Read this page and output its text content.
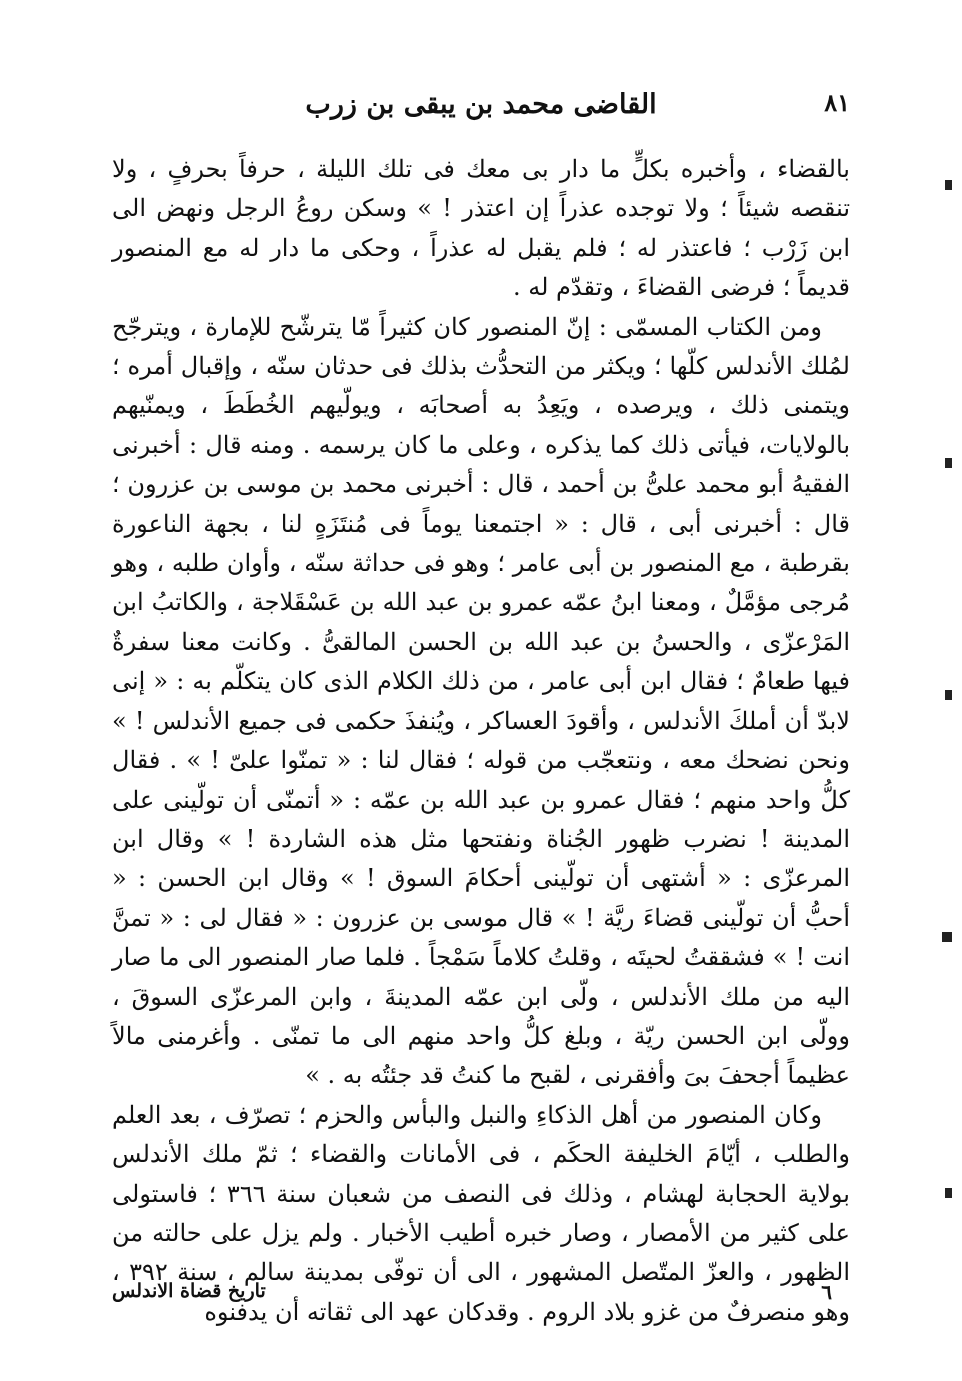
القاضى محمد بن يبقى بن زرب	٨١

بالقضاء ، وأخبره بكلٍّ ما دار بى معك فى تلك الليلة ، حرفاً بحرفٍ ، ولا تنقصه شيئاً ؛ ولا توجده عذراً إن اعتذر ! » وسكن روعُ الرجل ونهض الى ابن زَرْب ؛ فاعتذر له ؛ فلم يقبل له عذراً ، وحكى ما دار له مع المنصور قديماً ؛ فرضى القضاءَ ، وتقدّم له .

ومن الكتاب المسمّى : إنّ المنصور كان كثيراً مّا يترشّح للإمارة ، ويترجّح لمُلك الأندلس كلّها ؛ ويكثر من التحدُّث بذلك فى حدثان سنّه ، وإقبال أمره ؛ ويتمنى ذلك ، ويرصده ، ويَعِدُ به أصحابَه ، ويولّيهم الخُطَطَ ، ويمنّيهم بالولايات، فيأتى ذلك كما يذكره ، وعلى ما كان يرسمه . ومنه قال : أخبرنى الفقيهُ أبو محمد علىُّ بن أحمد ، قال : أخبرنى محمد بن موسى بن عزرون ؛ قال : أخبرنى أبى ، قال : « اجتمعنا يوماً فى مُنتَزَهٍ لنا ، بجهة الناعورة بقرطبة ، مع المنصور بن أبى عامر ؛ وهو فى حداثة سنّه ، وأوان طلبه ، وهو مُرجى مؤمَّلٌ ، ومعنا ابنُ عمّه عمرو بن عبد الله بن عَسْقَلاجة ، والكاتبُ ابن المَرْعزّى ، والحسنُ بن عبد الله بن الحسن المالقىُّ . وكانت معنا سفرةٌ فيها طعامٌ ؛ فقال ابن أبى عامر ، من ذلك الكلام الذى كان يتكلّم به : « إنى لابدّ أن أملكَ الأندلس ، وأقودَ العساكر ، ويُنفذَ حكمى فى جميع الأندلس ! » ونحن نضحك معه ، ونتعجّب من قوله ؛ فقال لنا : « تمنّوا علىّ ! » . فقال كلُّ واحد منهم ؛ فقال عمرو بن عبد الله بن عمّه : « أتمنّى أن تولّينى على المدينة ! نضرب ظهور الجُناة ونفتحها مثل هذه الشاردة ! » وقال ابن المرعزّى : « أشتهى أن تولّينى أحكامَ السوق ! » وقال ابن الحسن : « أحبُّ أن تولّينى قضاءَ ريَّة ! » قال موسى بن عزرون : « فقال لى : « تمنَّ انت ! » فشققتُ لحيتَه ، وقلتُ كلاماً سَمْجاً . فلما صار المنصور الى ما صار اليه من ملك الأندلس ، ولّى ابن عمّه المدينةَ ، وابن المرعزّى السوقَ ، وولّى ابن الحسن ريّة ، وبلغ كلُّ واحد منهم الى ما تمنّى . وأغرمنى مالاً عظيماً أجحفَ بىَ وأفقرنى ، لقبح ما كنتُ قد جئتُه به . »

وكان المنصور من أهل الذكاءِ والنبل والبأس والحزم ؛ تصرّف ، بعد العلم والطلب ، أيّامَ الخليفة الحكَم ، فى الأمانات والقضاء ؛ ثمّ ملك الأندلس بولاية الحجابة لهشام ، وذلك فى النصف من شعبان سنة ٣٦٦ ؛ فاستولى على كثير من الأمصار ، وصار خبره أطيب الأخبار . ولم يزل على حالته من الظهور ، والعزّ المتّصل المشهور ، الى أن توفّى بمدينة سالم ، سنة ٣٩٢ ، وهو منصرفٌ من غزو بلاد الروم . وقدكان عهد الى ثقاته أن يدفنوه

٦
تاريخ قضاة الاندلس
